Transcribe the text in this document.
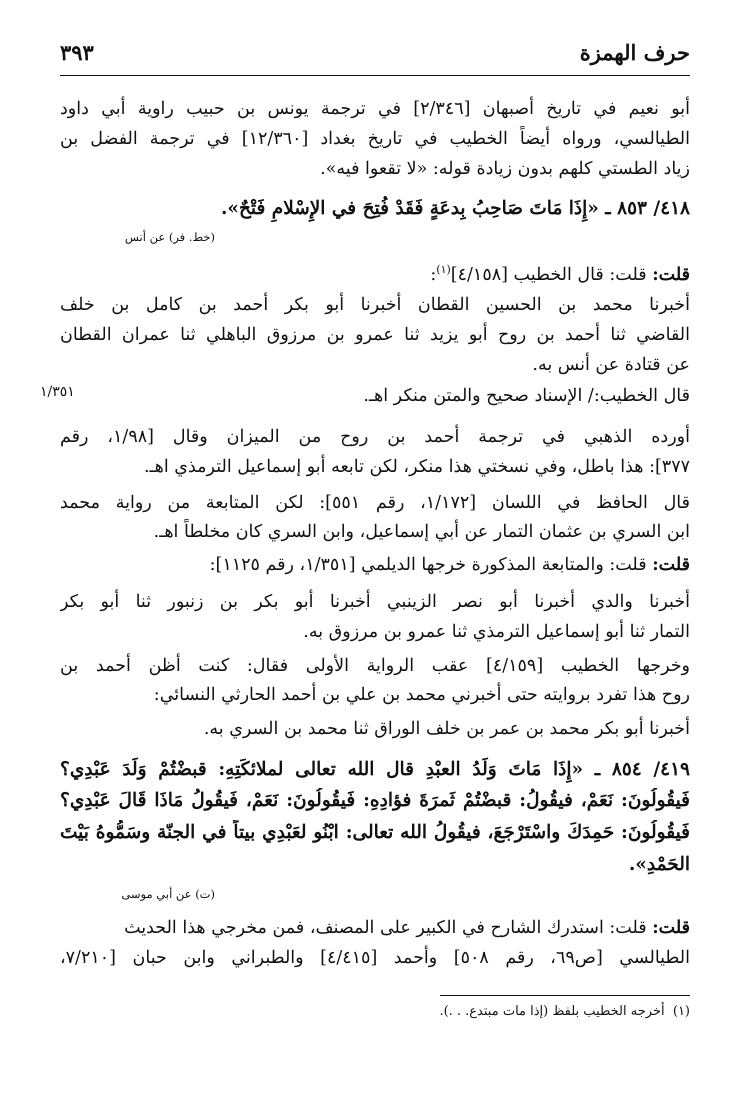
حرف الهمزة
٣٩٣
أبو نعيم في تاريخ أصبهان [٢/٣٤٦] في ترجمة يونس بن حبيب راوية أبي داود
الطيالسي، ورواه أيضاً الخطيب في تاريخ بغداد [١٢/٣٦٠] في ترجمة الفضل بن
زياد الطستي كلهم بدون زيادة قوله: «لا تقعوا فيه».
٤١٨/ ٨٥٣ ـ «إِذَا مَاتَ صَاحِبُ بِدعَةٍ فَقَدْ فُتِحَ في الإِسْلامِ فَتْحٌ».
(خط. فر) عن أنس
قلت: قلت: قال الخطيب [٤/١٥٨]$^{(١)}$:
أخبرنا محمد بن الحسين القطان أخبرنا أبو بكر أحمد بن كامل بن خلف
القاضي ثنا أحمد بن روح أبو يزيد ثنا عمرو بن مرزوق الباهلي ثنا عمران القطان
عن قتادة عن أنس به.
قال الخطيب:/ الإسناد صحيح والمتن منكر اهـ.
١/٣٥١
أورده الذهبي في ترجمة أحمد بن روح من الميزان وقال [١/٩٨، رقم
٣٧٧]: هذا باطل، وفي نسختي هذا منكر، لكن تابعه أبو إسماعيل الترمذي اهـ.
قال الحافظ في اللسان [١/١٧٢، رقم ٥٥١]: لكن المتابعة من رواية محمد
ابن السري بن عثمان التمار عن أبي إسماعيل، وابن السري كان مخلطاً اهـ.
قلت: قلت: والمتابعة المذكورة خرجها الديلمي [١/٣٥١، رقم ١١٢٥]:
أخبرنا والدي أخبرنا أبو نصر الزينبي أخبرنا أبو بكر بن زنبور ثنا أبو بكر
التمار ثنا أبو إسماعيل الترمذي ثنا عمرو بن مرزوق به.
وخرجها الخطيب [٤/١٥٩] عقب الرواية الأولى فقال: كنت أظن أحمد بن
روح هذا تفرد بروايته حتى أخبرني محمد بن علي بن أحمد الحارثي النسائي:
أخبرنا أبو بكر محمد بن عمر بن خلف الوراق ثنا محمد بن السري به.
٤١٩/ ٨٥٤ ـ «إِذَا مَاتَ وَلَدُ العبْدِ قال الله تعالى لملائكَتِهِ: قبضْتُمْ وَلَدَ عَبْدِي؟
فَيقُولُونَ: نَعَمْ، فيقُولُ: قبضْتُمْ ثَمرَةَ فؤادِهِ: فَيقُولُونَ: نَعَمْ، فَيقُولُ مَاذَا قَالَ عَبْدِي؟
فَيقُولُونَ: حَمِدَكَ واسْتَرْجَعَ، فيقُولُ الله تعالى: ابْنُو لعَبْدِي بيتاً في الجنّة وسَمُّوهُ بَيْتَ
الحَمْدِ».
(ت) عن أبي موسى
قلت: قلت: استدرك الشارح في الكبير على المصنف، فمن مخرجي هذا الحديث
الطيالسي [ص٦٩، رقم ٥٠٨] وأحمد [٤/٤١٥] والطبراني وابن حبان [٧/٢١٠،
(١)  أخرجه الخطيب بلفظ (إذا مات مبتدع. . .).
